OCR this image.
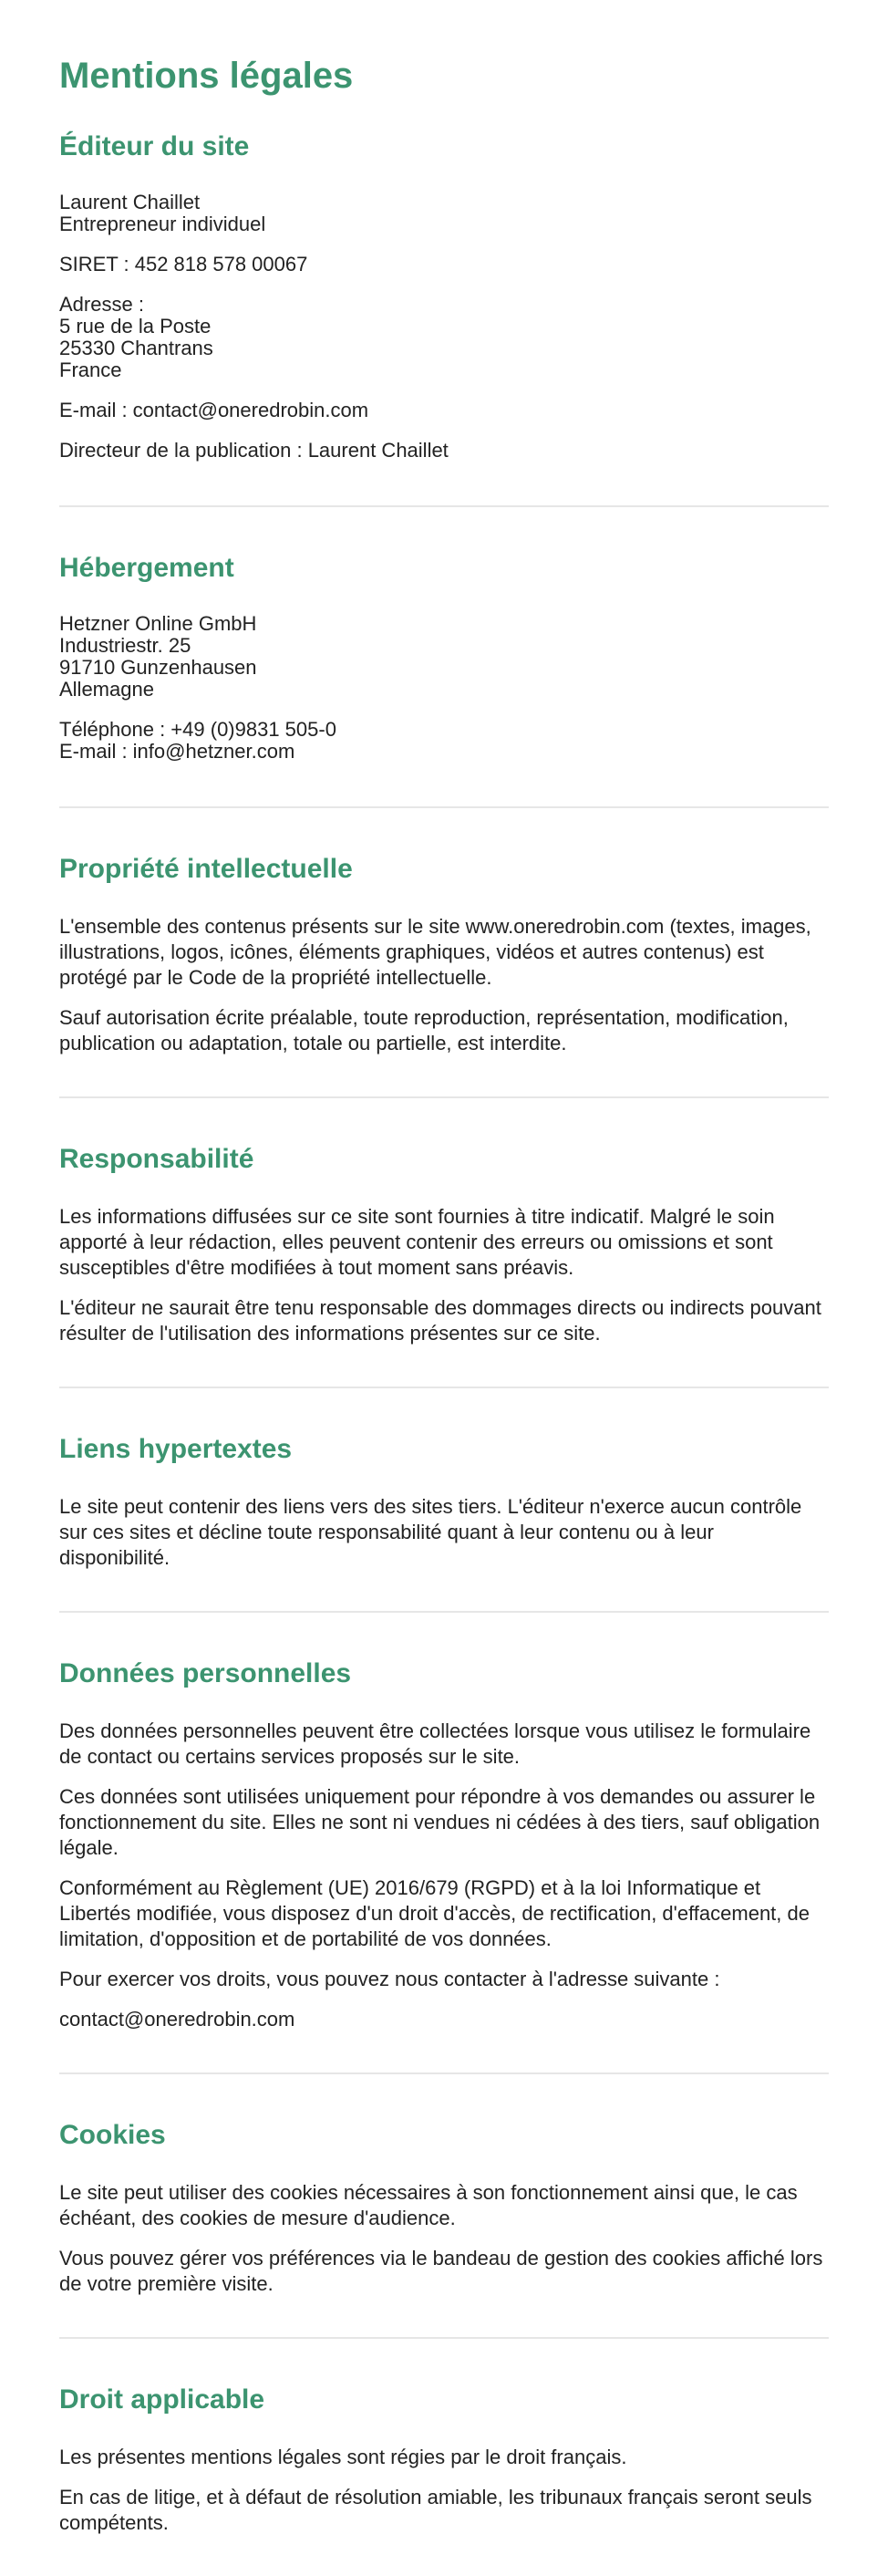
Mentions légales
Éditeur du site
Laurent Chaillet
Entrepreneur individuel
SIRET : 452 818 578 00067
Adresse :
5 rue de la Poste
25330 Chantrans
France
E-mail : contact@oneredrobin.com
Directeur de la publication : Laurent Chaillet
Hébergement
Hetzner Online GmbH
Industriestr. 25
91710 Gunzenhausen
Allemagne
Téléphone : +49 (0)9831 505-0
E-mail : info@hetzner.com
Propriété intellectuelle

L'ensemble des contenus présents sur le site www.oneredrobin.com (textes, images, illustrations, logos, icônes, éléments graphiques, vidéos et autres contenus) est protégé par le Code de la propriété intellectuelle.

Sauf autorisation écrite préalable, toute reproduction, représentation, modification, publication ou adaptation, totale ou partielle, est interdite.

Responsabilité

Les informations diffusées sur ce site sont fournies à titre indicatif. Malgré le soin apporté à leur rédaction, elles peuvent contenir des erreurs ou omissions et sont susceptibles d'être modifiées à tout moment sans préavis.

L'éditeur ne saurait être tenu responsable des dommages directs ou indirects pouvant résulter de l'utilisation des informations présentes sur ce site.

Liens hypertextes

Le site peut contenir des liens vers des sites tiers. L'éditeur n'exerce aucun contrôle sur ces sites et décline toute responsabilité quant à leur contenu ou à leur disponibilité.

Données personnelles

Des données personnelles peuvent être collectées lorsque vous utilisez le formulaire de contact ou certains services proposés sur le site.

Ces données sont utilisées uniquement pour répondre à vos demandes ou assurer le fonctionnement du site. Elles ne sont ni vendues ni cédées à des tiers, sauf obligation légale.

Conformément au Règlement (UE) 2016/679 (RGPD) et à la loi Informatique et Libertés modifiée, vous disposez d'un droit d'accès, de rectification, d'effacement, de limitation, d'opposition et de portabilité de vos données.

Pour exercer vos droits, vous pouvez nous contacter à l'adresse suivante :

contact@oneredrobin.com

Cookies

Le site peut utiliser des cookies nécessaires à son fonctionnement ainsi que, le cas échéant, des cookies de mesure d'audience.

Vous pouvez gérer vos préférences via le bandeau de gestion des cookies affiché lors de votre première visite.

Droit applicable

Les présentes mentions légales sont régies par le droit français.

En cas de litige, et à défaut de résolution amiable, les tribunaux français seront seuls compétents.
